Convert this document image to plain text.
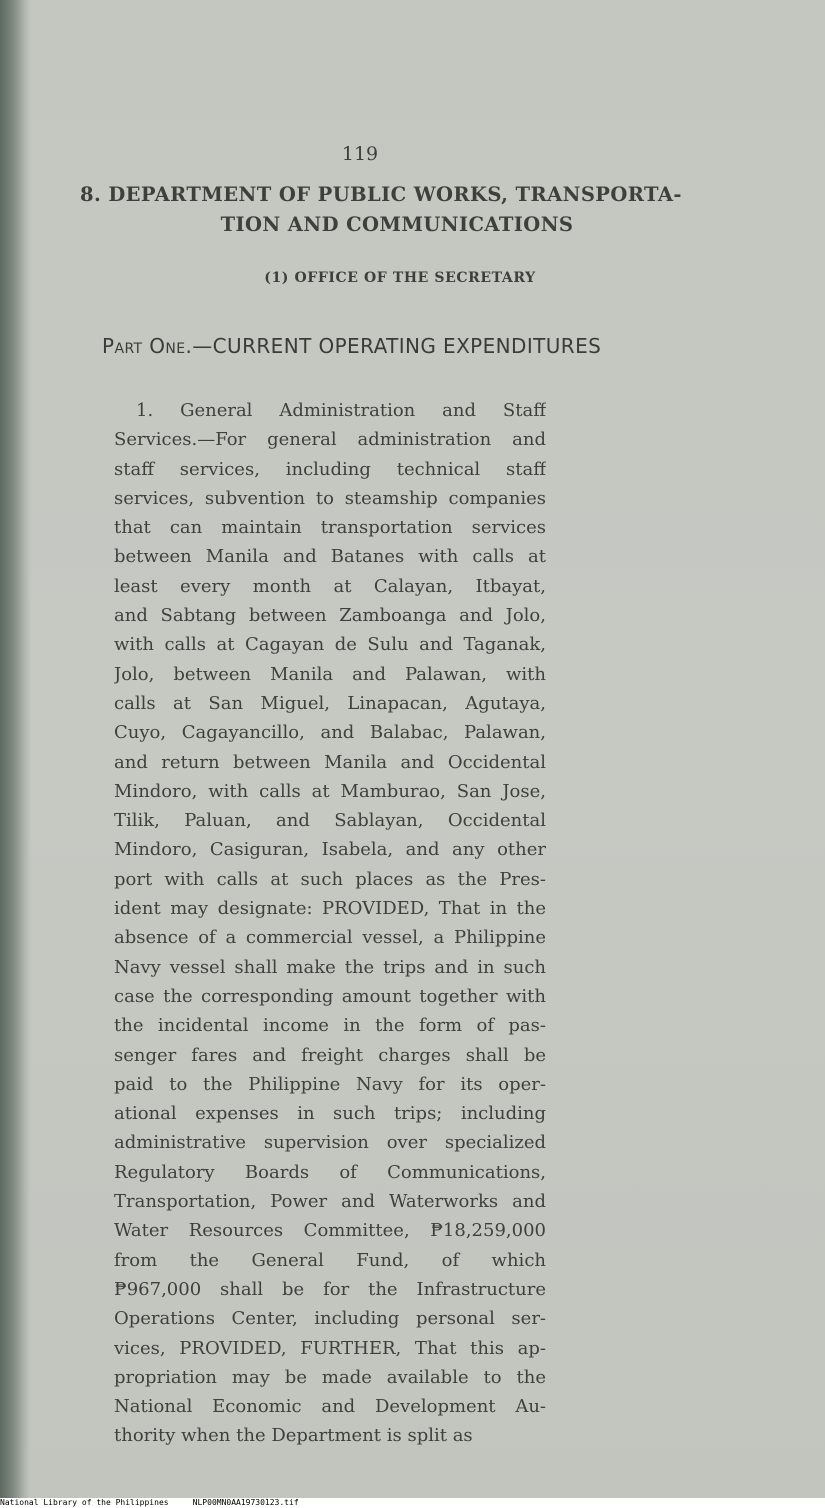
119
8. DEPARTMENT OF PUBLIC WORKS, TRANSPORTA-
TION AND COMMUNICATIONS
(1) OFFICE OF THE SECRETARY
Part One.—CURRENT OPERATING EXPENDITURES
1. General Administration and Staff
Services.—For general administration and
staff services, including technical staff
services, subvention to steamship companies
that can maintain transportation services
between Manila and Batanes with calls at
least every month at Calayan, Itbayat,
and Sabtang between Zamboanga and Jolo,
with calls at Cagayan de Sulu and Taganak,
Jolo, between Manila and Palawan, with
calls at San Miguel, Linapacan, Agutaya,
Cuyo, Cagayancillo, and Balabac, Palawan,
and return between Manila and Occidental
Mindoro, with calls at Mamburao, San Jose,
Tilik, Paluan, and Sablayan, Occidental
Mindoro, Casiguran, Isabela, and any other
port with calls at such places as the Pres-
ident may designate: PROVIDED, That in the
absence of a commercial vessel, a Philippine
Navy vessel shall make the trips and in such
case the corresponding amount together with
the incidental income in the form of pas-
senger fares and freight charges shall be
paid to the Philippine Navy for its oper-
ational expenses in such trips; including
administrative supervision over specialized
Regulatory Boards of Communications,
Transportation, Power and Waterworks and
Water Resources Committee, ₱18,259,000
from the General Fund, of which
₱967,000 shall be for the Infrastructure
Operations Center, including personal ser-
vices, PROVIDED, FURTHER, That this ap-
propriation may be made available to the
National Economic and Development Au-
thority when the Department is split as
National Library of the Philippines	NLP00MN0AA19730123.tif
